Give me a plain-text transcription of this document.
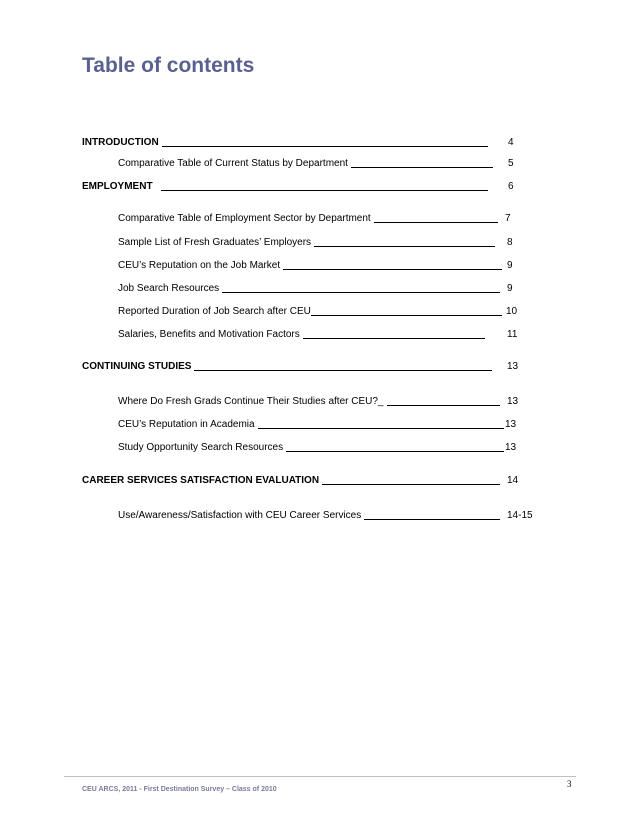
Table of contents
INTRODUCTION	4
Comparative Table of Current Status by Department	5
EMPLOYMENT	6
Comparative Table of Employment Sector by Department	7
Sample List of Fresh Graduates’ Employers	8
CEU’s Reputation on the Job Market	9
Job Search Resources	9
Reported Duration of Job Search after CEU	10
Salaries, Benefits and Motivation Factors	11
CONTINUING STUDIES	13
Where Do Fresh Grads Continue Their Studies after CEU?_	13
CEU’s Reputation in Academia	13
Study Opportunity Search Resources	13
CAREER SERVICES SATISFACTION EVALUATION	14
Use/Awareness/Satisfaction with CEU Career Services	14-15
CEU ARCS, 2011 - First Destination Survey – Class of 2010
3
